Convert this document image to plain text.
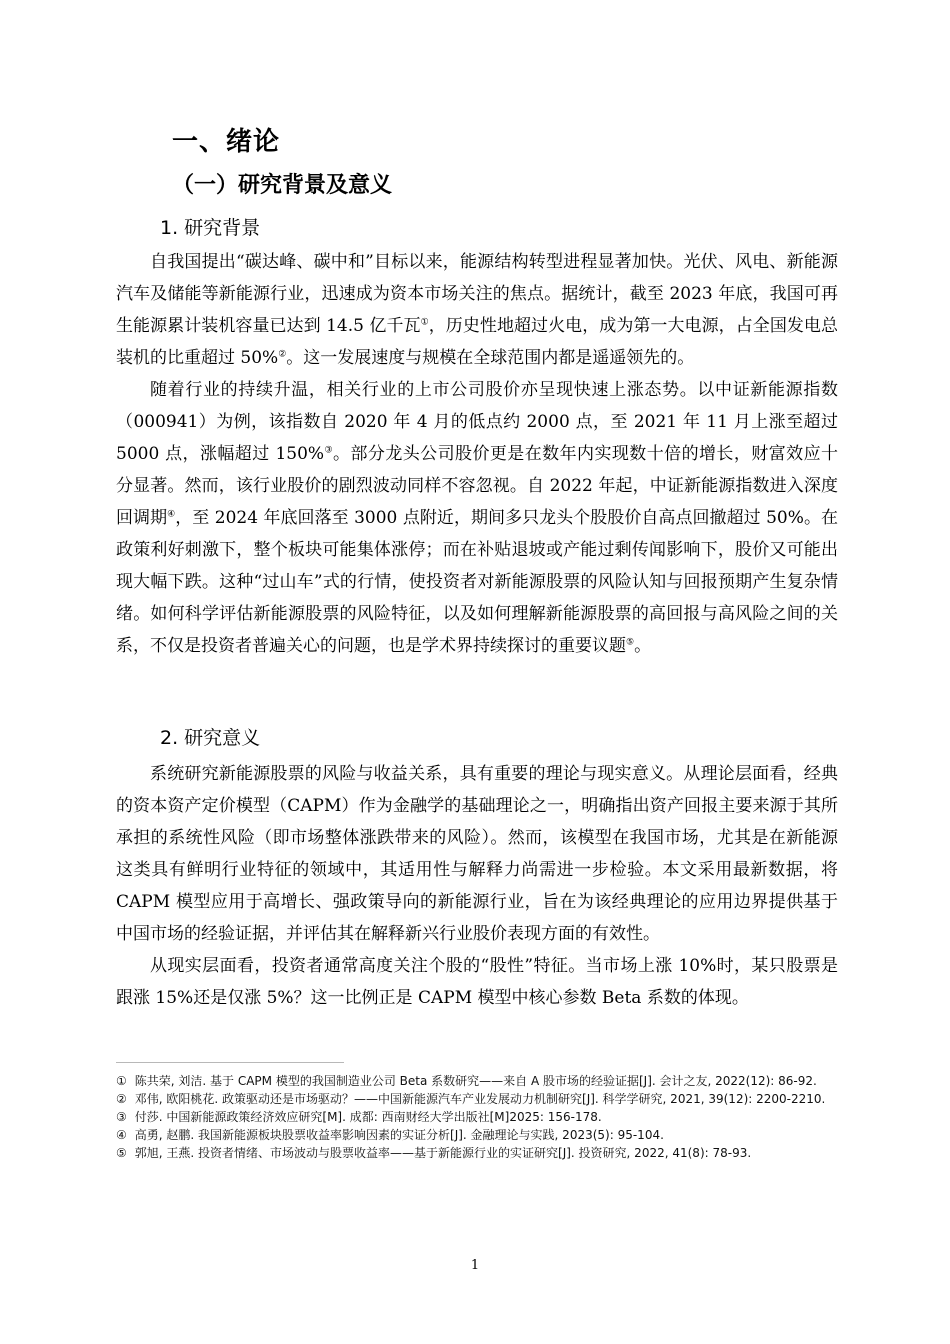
一、绪论
（一）研究背景及意义
1. 研究背景

自我国提出“碳达峰、碳中和”目标以来，能源结构转型进程显著加快。光伏、风电、新能源汽车及储能等新能源行业，迅速成为资本市场关注的焦点。据统计，截至 2023 年底，我国可再生能源累计装机容量已达到 14.5 亿千瓦①，历史性地超过火电，成为第一大电源，占全国发电总装机的比重超过 50%②。这一发展速度与规模在全球范围内都是遥遥领先的。

随着行业的持续升温，相关行业的上市公司股价亦呈现快速上涨态势。以中证新能源指数（000941）为例，该指数自 2020 年 4 月的低点约 2000 点，至 2021 年 11 月上涨至超过 5000 点，涨幅超过 150%③。部分龙头公司股价更是在数年内实现数十倍的增长，财富效应十分显著。然而，该行业股价的剧烈波动同样不容忽视。自 2022 年起，中证新能源指数进入深度回调期④，至 2024 年底回落至 3000 点附近，期间多只龙头个股股价自高点回撤超过 50%。在政策利好刺激下，整个板块可能集体涨停；而在补贴退坡或产能过剩传闻影响下，股价又可能出现大幅下跌。这种“过山车”式的行情，使投资者对新能源股票的风险认知与回报预期产生复杂情绪。如何科学评估新能源股票的风险特征，以及如何理解新能源股票的高回报与高风险之间的关系，不仅是投资者普遍关心的问题，也是学术界持续探讨的重要议题⑤。

2. 研究意义

系统研究新能源股票的风险与收益关系，具有重要的理论与现实意义。从理论层面看，经典的资本资产定价模型（CAPM）作为金融学的基础理论之一，明确指出资产回报主要来源于其所承担的系统性风险（即市场整体涨跌带来的风险）。然而，该模型在我国市场，尤其是在新能源这类具有鲜明行业特征的领域中，其适用性与解释力尚需进一步检验。本文采用最新数据，将 CAPM 模型应用于高增长、强政策导向的新能源行业，旨在为该经典理论的应用边界提供基于中国市场的经验证据，并评估其在解释新兴行业股价表现方面的有效性。

从现实层面看，投资者通常高度关注个股的“股性”特征。当市场上涨 10%时，某只股票是跟涨 15%还是仅涨 5%？这一比例正是 CAPM 模型中核心参数 Beta 系数的体现。

① 陈共荣, 刘洁. 基于 CAPM 模型的我国制造业公司 Beta 系数研究——来自 A 股市场的经验证据[J]. 会计之友, 2022(12): 86-92.

② 邓伟, 欧阳桃花. 政策驱动还是市场驱动？——中国新能源汽车产业发展动力机制研究[J]. 科学学研究, 2021, 39(12): 2200-2210.

③ 付莎. 中国新能源政策经济效应研究[M]. 成都: 西南财经大学出版社[M]2025: 156-178.

④ 高勇, 赵鹏. 我国新能源板块股票收益率影响因素的实证分析[J]. 金融理论与实践, 2023(5): 95-104.

⑤ 郭旭, 王燕. 投资者情绪、市场波动与股票收益率——基于新能源行业的实证研究[J]. 投资研究, 2022, 41(8): 78-93.

1
